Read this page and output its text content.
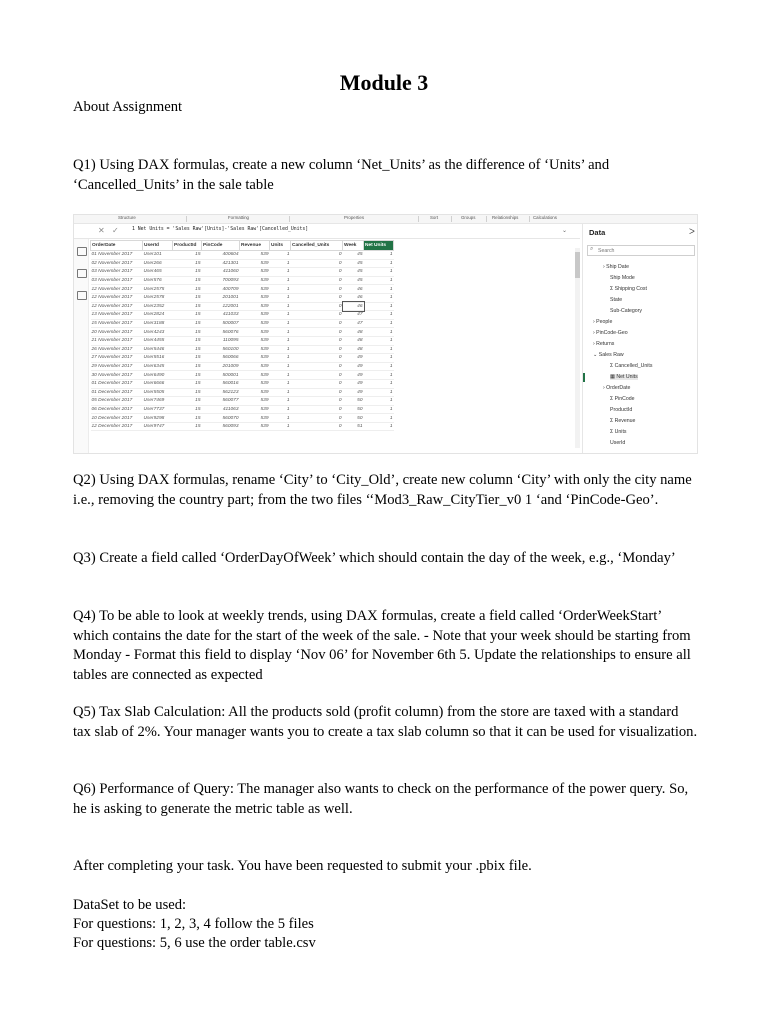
Module 3
About Assignment
Q1) Using DAX formulas, create a new column ‘Net_Units’ as the difference of ‘Units’ and ‘Cancelled_Units’ in the sale table
Structure	Formatting	Properties	Sort	Groups	Relationships	Calculations
✕ ✓	1 Net Units = 'Sales Raw'[Units]-'Sales Raw'[Cancelled_Units]	⌄
OrderDate	UserId	ProductId	PinCode	Revenue	Units	Cancelled_Units	Week	Net Units
01 November 2017	User101	15	400604	539	1	0	45	1
02 November 2017	User266	15	421301	539	1	0	45	1
03 November 2017	User465	15	411060	539	1	0	45	1
03 November 2017	User576	15	700093	539	1	0	45	1
12 November 2017	User2575	15	400709	539	1	0	46	1
12 November 2017	User2578	15	201001	539	1	0	46	1
12 November 2017	User2352	15	122001	539	1	0	46	1
13 November 2017	User2824	15	411033	539	1	0	47	1
15 November 2017	User3188	15	500007	539	1	0	47	1
20 November 2017	User4243	15	560076	539	1	0	48	1
21 November 2017	User4455	15	110095	539	1	0	48	1
26 November 2017	User5446	15	560100	539	1	0	48	1
27 November 2017	User5516	15	560066	539	1	0	49	1
29 November 2017	User6345	15	201009	539	1	0	49	1
30 November 2017	User6490	15	500001	539	1	0	49	1
01 December 2017	User6666	15	560016	539	1	0	49	1
01 December 2017	User5505	15	562123	539	1	0	49	1
05 December 2017	User7469	15	560077	539	1	0	50	1
06 December 2017	User7737	15	411063	539	1	0	50	1
10 December 2017	User9298	15	560070	539	1	0	50	1
12 December 2017	User9747	15	560093	539	1	0	51	1
Data	ᐳ
⌕ Search
› Ship Date
Ship Mode
Σ Shipping Cost
State
Sub-Category
› People
› PinCode-Geo
› Returns
⌄ Sales Raw
Σ Cancelled_Units
▦ Net Units
› OrderDate
Σ PinCode
ProductId
Σ Revenue
Σ Units
UserId
Q2) Using DAX formulas, rename ‘City’ to ‘City_Old’, create new column ‘City’ with only the city name i.e., removing the country part; from the two files ‘‘Mod3_Raw_CityTier_v0 1 ‘and ‘PinCode-Geo’.
Q3) Create a field called ‘OrderDayOfWeek’ which should contain the day of the week, e.g., ‘Monday’
Q4) To be able to look at weekly trends, using DAX formulas, create a field called ‘OrderWeekStart’ which contains the date for the start of the week of the sale. - Note that your week should be starting from Monday - Format this field to display ‘Nov 06’ for November 6th 5. Update the relationships to ensure all tables are connected as expected
Q5) Tax Slab Calculation: All the products sold (profit column) from the store are taxed with a standard tax slab of 2%. Your manager wants you to create a tax slab column so that it can be used for visualization.
Q6) Performance of Query: The manager also wants to check on the performance of the power query. So, he is asking to generate the metric table as well.
After completing your task. You have been requested to submit your .pbix file.
DataSet to be used:
For questions: 1, 2, 3, 4 follow the 5 files
For questions: 5, 6 use the order table.csv
